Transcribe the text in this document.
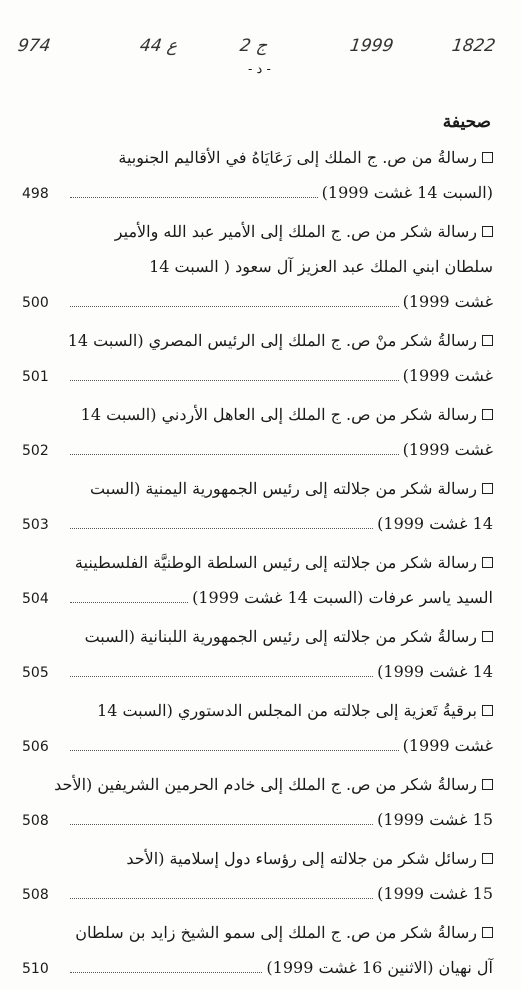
974	ع 44	ج 2	1999	1822
- د -
صحيفة
رسالةُ من ص. ج الملك إلى رَعَايَاهُ في الأقاليم الجنوبية
(السبت 14 غشت 1999)
498
رسالة شكر من ص. ج الملك إلى الأمير عبد الله والأمير
سلطان ابني الملك عبد العزيز آل سعود ( السبت 14
غشت 1999)
500
رسالةُ شكر منْ ص. ج الملك إلى الرئيس المصري (السبت 14
غشت 1999)
501
رسالة شكر من ص. ج الملك إلى العاهل الأردني (السبت 14
غشت 1999)
502
رسالة شكر من جلالته إلى رئيس الجمهورية اليمنية (السبت
14 غشت 1999)
503
رسالة شكر من جلالته إلى رئيس السلطة الوطنيَّة الفلسطينية
السيد ياسر عرفات (السبت 14 غشت 1999)
504
رسالةُ شكر من جلالته إلى رئيس الجمهورية اللبنانية (السبت
14 غشت 1999)
505
برقيةُ تَعزية إلى جلالته من المجلس الدستوري (السبت 14
غشت 1999)
506
رسالةُ شكر من ص. ج الملك إلى خادم الحرمين الشريفين (الأحد
15 غشت 1999)
508
رسائل شكر من جلالته إلى رؤساء دول إسلامية (الأحد
15 غشت 1999)
508
رسالةُ شكر من ص. ج الملك إلى سمو الشيخ زايد بن سلطان
آل نهيان (الاثنين 16 غشت 1999)
510
